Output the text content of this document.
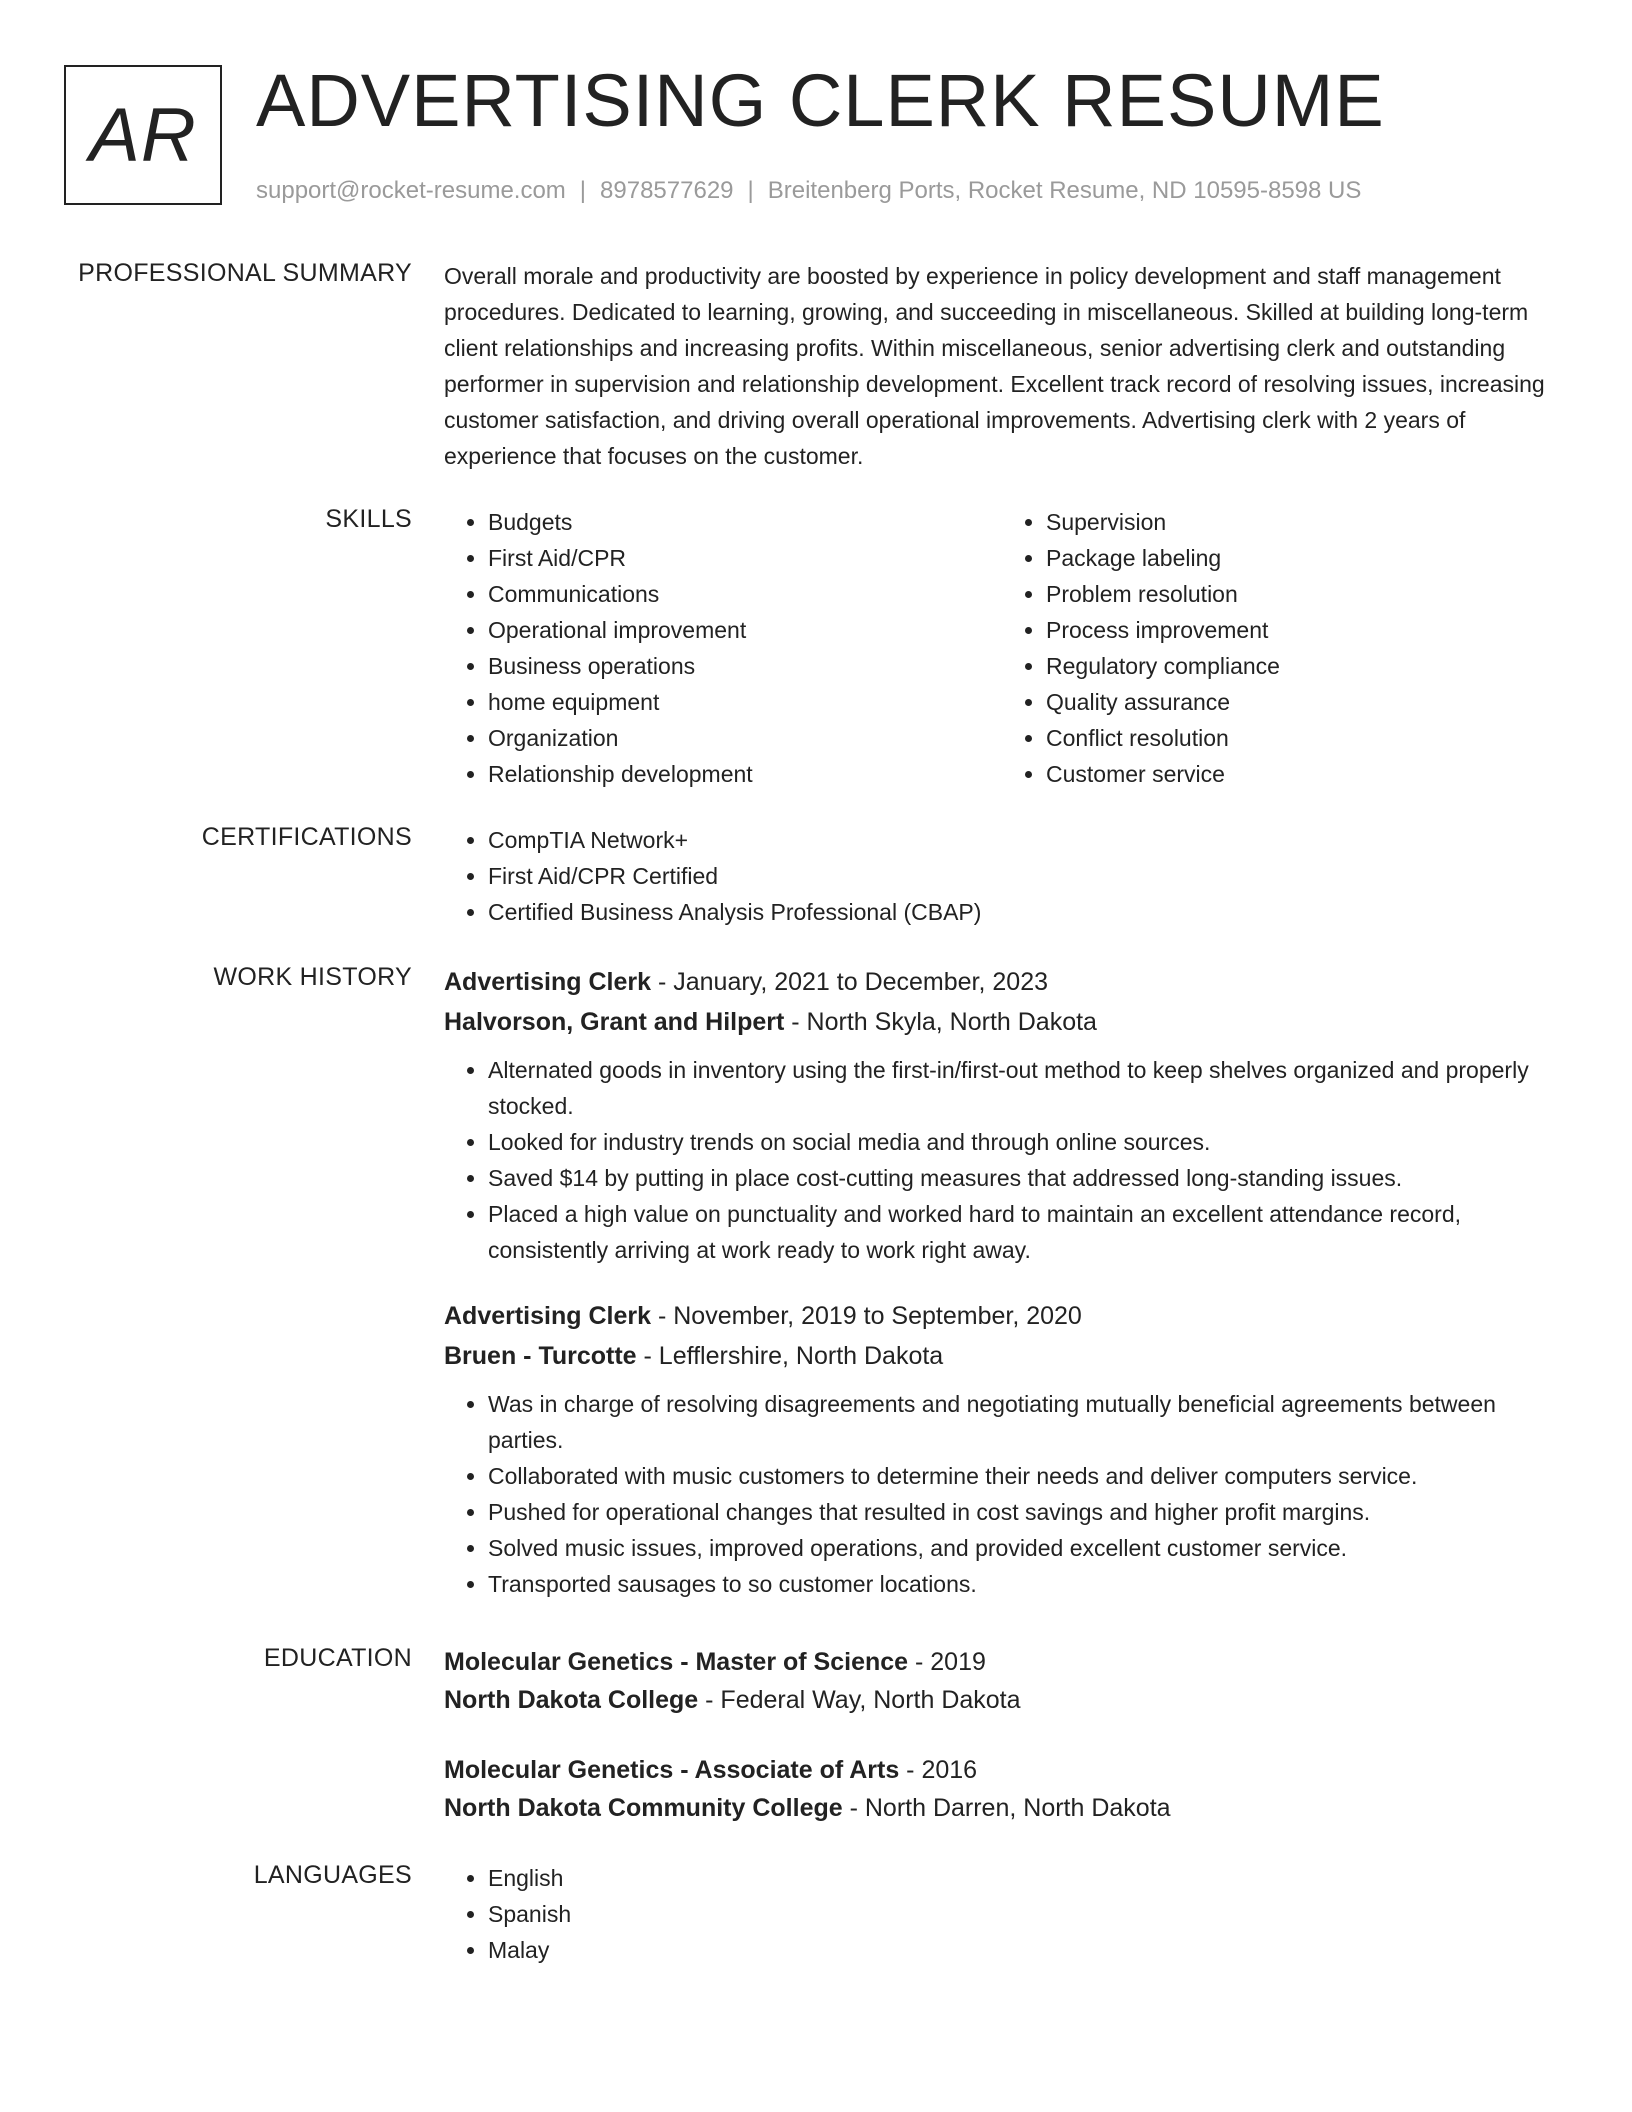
AR ADVERTISING CLERK RESUME
support@rocket-resume.com | 8978577629 | Breitenberg Ports, Rocket Resume, ND 10595-8598 US
PROFESSIONAL SUMMARY Overall morale and productivity are boosted by experience in policy development and staff management procedures. Dedicated to learning, growing, and succeeding in miscellaneous. Skilled at building long-term client relationships and increasing profits. Within miscellaneous, senior advertising clerk and outstanding performer in supervision and relationship development. Excellent track record of resolving issues, increasing customer satisfaction, and driving overall operational improvements. Advertising clerk with 2 years of experience that focuses on the customer.

SKILLS	• Budgets
• First Aid/CPR
• Communications
• Operational improvement
• Business operations
• home equipment
• Organization
• Relationship development
• Supervision
• Package labeling
• Problem resolution
• Process improvement
• Regulatory compliance
• Quality assurance
• Conflict resolution
• Customer service
CERTIFICATIONS	• CompTIA Network+
• First Aid/CPR Certified
• Certified Business Analysis Professional (CBAP)
WORK HISTORY Advertising Clerk - January, 2021 to December, 2023
Halvorson, Grant and Hilpert - North Skyla, North Dakota
• Alternated goods in inventory using the first-in/first-out method to keep shelves organized and properly stocked.
• Looked for industry trends on social media and through online sources.
• Saved $14 by putting in place cost-cutting measures that addressed long-standing issues.
• Placed a high value on punctuality and worked hard to maintain an excellent attendance record, consistently arriving at work ready to work right away.
Advertising Clerk - November, 2019 to September, 2020
Bruen - Turcotte - Lefflershire, North Dakota
• Was in charge of resolving disagreements and negotiating mutually beneficial agreements between parties.
• Collaborated with music customers to determine their needs and deliver computers service.
• Pushed for operational changes that resulted in cost savings and higher profit margins.
• Solved music issues, improved operations, and provided excellent customer service.
• Transported sausages to so customer locations.
EDUCATION Molecular Genetics - Master of Science - 2019
North Dakota College - Federal Way, North Dakota
Molecular Genetics - Associate of Arts - 2016
North Dakota Community College - North Darren, North Dakota
LANGUAGES	• English
• Spanish
• Malay
